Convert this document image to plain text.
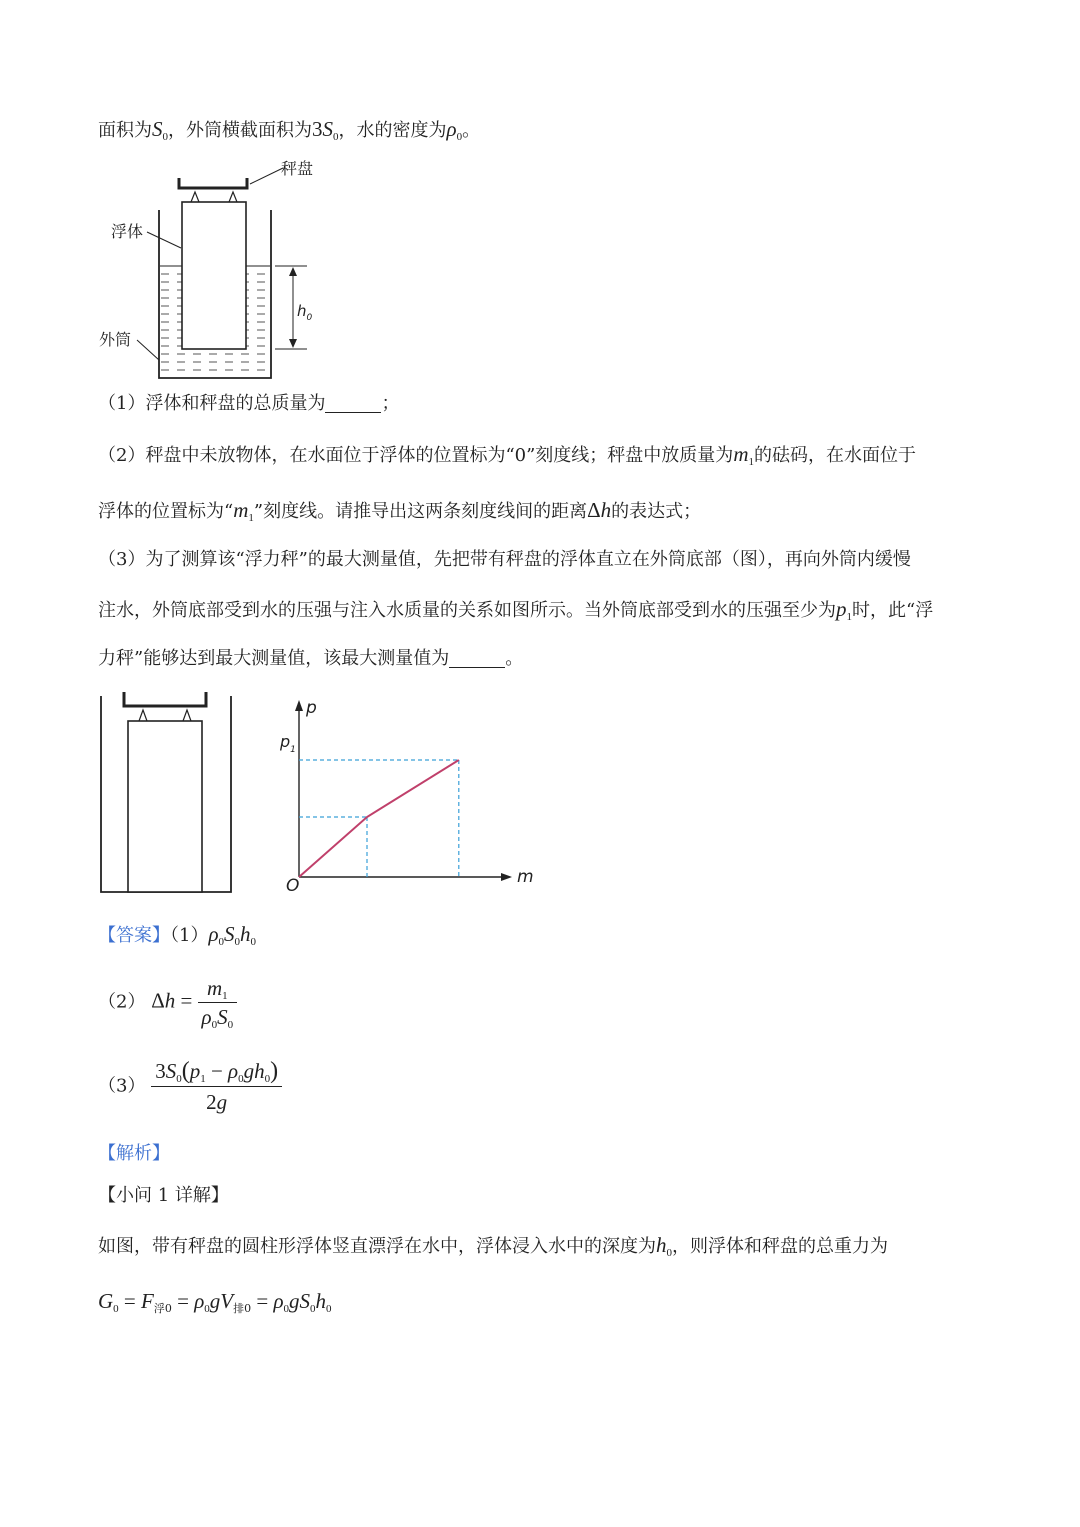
面积为$S_0$，外筒横截面积为$3S_0$，水的密度为$\rho_0$。
秤盘
浮体
外筒
$h_0$
（1）浮体和秤盘的总质量为	；
（2）秤盘中未放物体，在水面位于浮体的位置标为“0”刻度线；秤盘中放质量为$m_1$的砝码，在水面位于
浮体的位置标为“$m_1$”刻度线。请推导出这两条刻度线间的距离Δh的表达式；
（3）为了测算该“浮力秤”的最大测量值，先把带有秤盘的浮体直立在外筒底部（图），再向外筒内缓慢
注水，外筒底部受到水的压强与注入水质量的关系如图所示。当外筒底部受到水的压强至少为$p_1$时，此“浮
力秤”能够达到最大测量值，该最大测量值为	。
p
m
O
$p_1$
【答案】$(1)\rho_0S_0h_0$
（2） $\Delta h = \frac{m_1}{\rho_0S_0}$
$(3) \frac{3S_0(p_1 - \rho_0gh_0)}{2g}$
【解析】
【小问 1 详解】
如图，带有秤盘的圆柱形浮体竖直漂浮在水中，浮体浸入水中的深度为$h_0$，则浮体和秤盘的总重力为
$G_0 = F_{浮0} = \rho_0gV_{排0} = \rho_0gS_0h_0$
